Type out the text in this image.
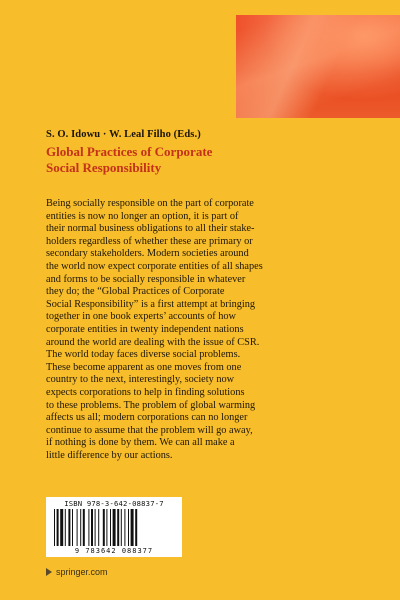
S. O. Idowu · W. Leal Filho (Eds.)
Global Practices of Corporate
Social Responsibility
Being socially responsible on the part of corporate
entities is now no longer an option, it is part of
their normal business obligations to all their stake-
holders regardless of whether these are primary or
secondary stakeholders. Modern societies around
the world now expect corporate entities of all shapes
and forms to be socially responsible in whatever
they do; the “Global Practices of Corporate
Social Responsibility” is a first attempt at bringing
together in one book experts’ accounts of how
corporate entities in twenty independent nations
around the world are dealing with the issue of CSR.
The world today faces diverse social problems.
These become apparent as one moves from one
country to the next, interestingly, society now
expects corporations to help in finding solutions
to these problems. The problem of global warming
affects us all; modern corporations can no longer
continue to assume that the problem will go away,
if nothing is done by them. We can all make a
little difference by our actions.
ISBN 978-3-642-08837-7
9 783642 088377
springer.com
